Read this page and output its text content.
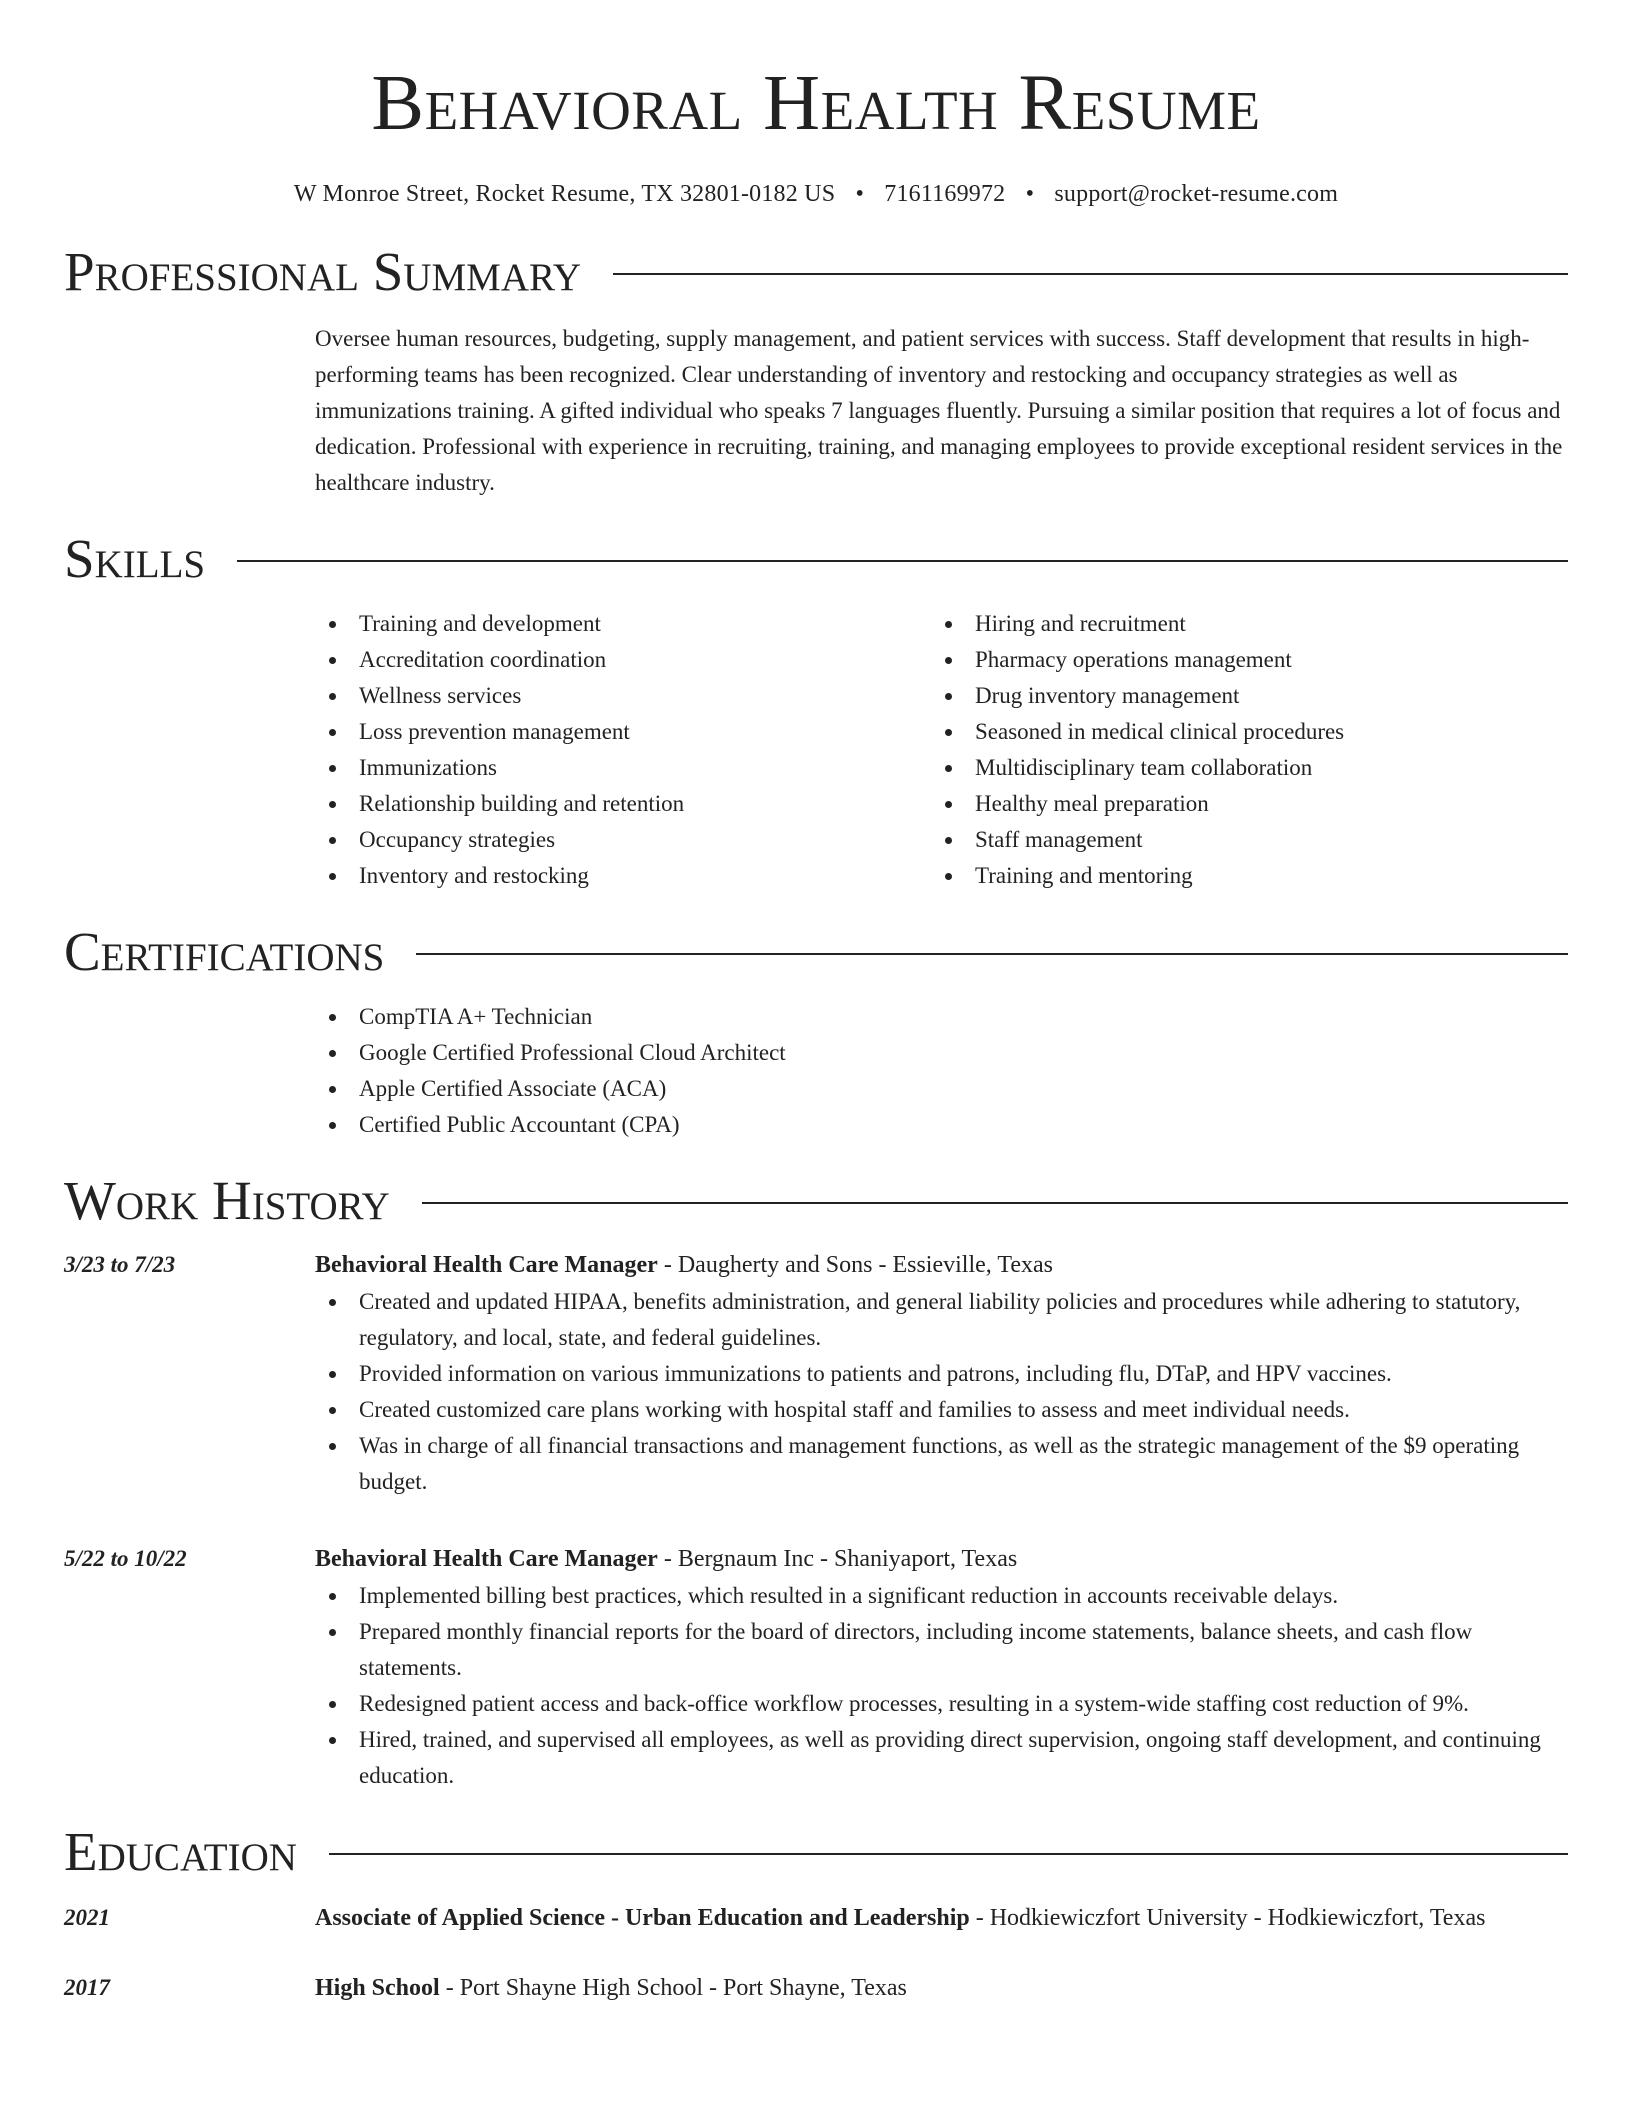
Behavioral Health Resume
W Monroe Street, Rocket Resume, TX 32801-0182 US • 7161169972 • support@rocket-resume.com
Professional Summary
Oversee human resources, budgeting, supply management, and patient services with success. Staff development that results in high-performing teams has been recognized. Clear understanding of inventory and restocking and occupancy strategies as well as immunizations training. A gifted individual who speaks 7 languages fluently. Pursuing a similar position that requires a lot of focus and dedication. Professional with experience in recruiting, training, and managing employees to provide exceptional resident services in the healthcare industry.
Skills
Training and development
Accreditation coordination
Wellness services
Loss prevention management
Immunizations
Relationship building and retention
Occupancy strategies
Inventory and restocking
Hiring and recruitment
Pharmacy operations management
Drug inventory management
Seasoned in medical clinical procedures
Multidisciplinary team collaboration
Healthy meal preparation
Staff management
Training and mentoring
Certifications
CompTIA A+ Technician
Google Certified Professional Cloud Architect
Apple Certified Associate (ACA)
Certified Public Accountant (CPA)
Work History
3/23 to 7/23	Behavioral Health Care Manager - Daugherty and Sons - Essieville, Texas
Created and updated HIPAA, benefits administration, and general liability policies and procedures while adhering to statutory, regulatory, and local, state, and federal guidelines.
Provided information on various immunizations to patients and patrons, including flu, DTaP, and HPV vaccines.
Created customized care plans working with hospital staff and families to assess and meet individual needs.
Was in charge of all financial transactions and management functions, as well as the strategic management of the $9 operating budget.
5/22 to 10/22	Behavioral Health Care Manager - Bergnaum Inc - Shaniyaport, Texas
Implemented billing best practices, which resulted in a significant reduction in accounts receivable delays.
Prepared monthly financial reports for the board of directors, including income statements, balance sheets, and cash flow statements.
Redesigned patient access and back-office workflow processes, resulting in a system-wide staffing cost reduction of 9%.
Hired, trained, and supervised all employees, as well as providing direct supervision, ongoing staff development, and continuing education.
Education
2021	Associate of Applied Science - Urban Education and Leadership - Hodkiewiczfort University - Hodkiewiczfort, Texas
2017	High School - Port Shayne High School - Port Shayne, Texas
